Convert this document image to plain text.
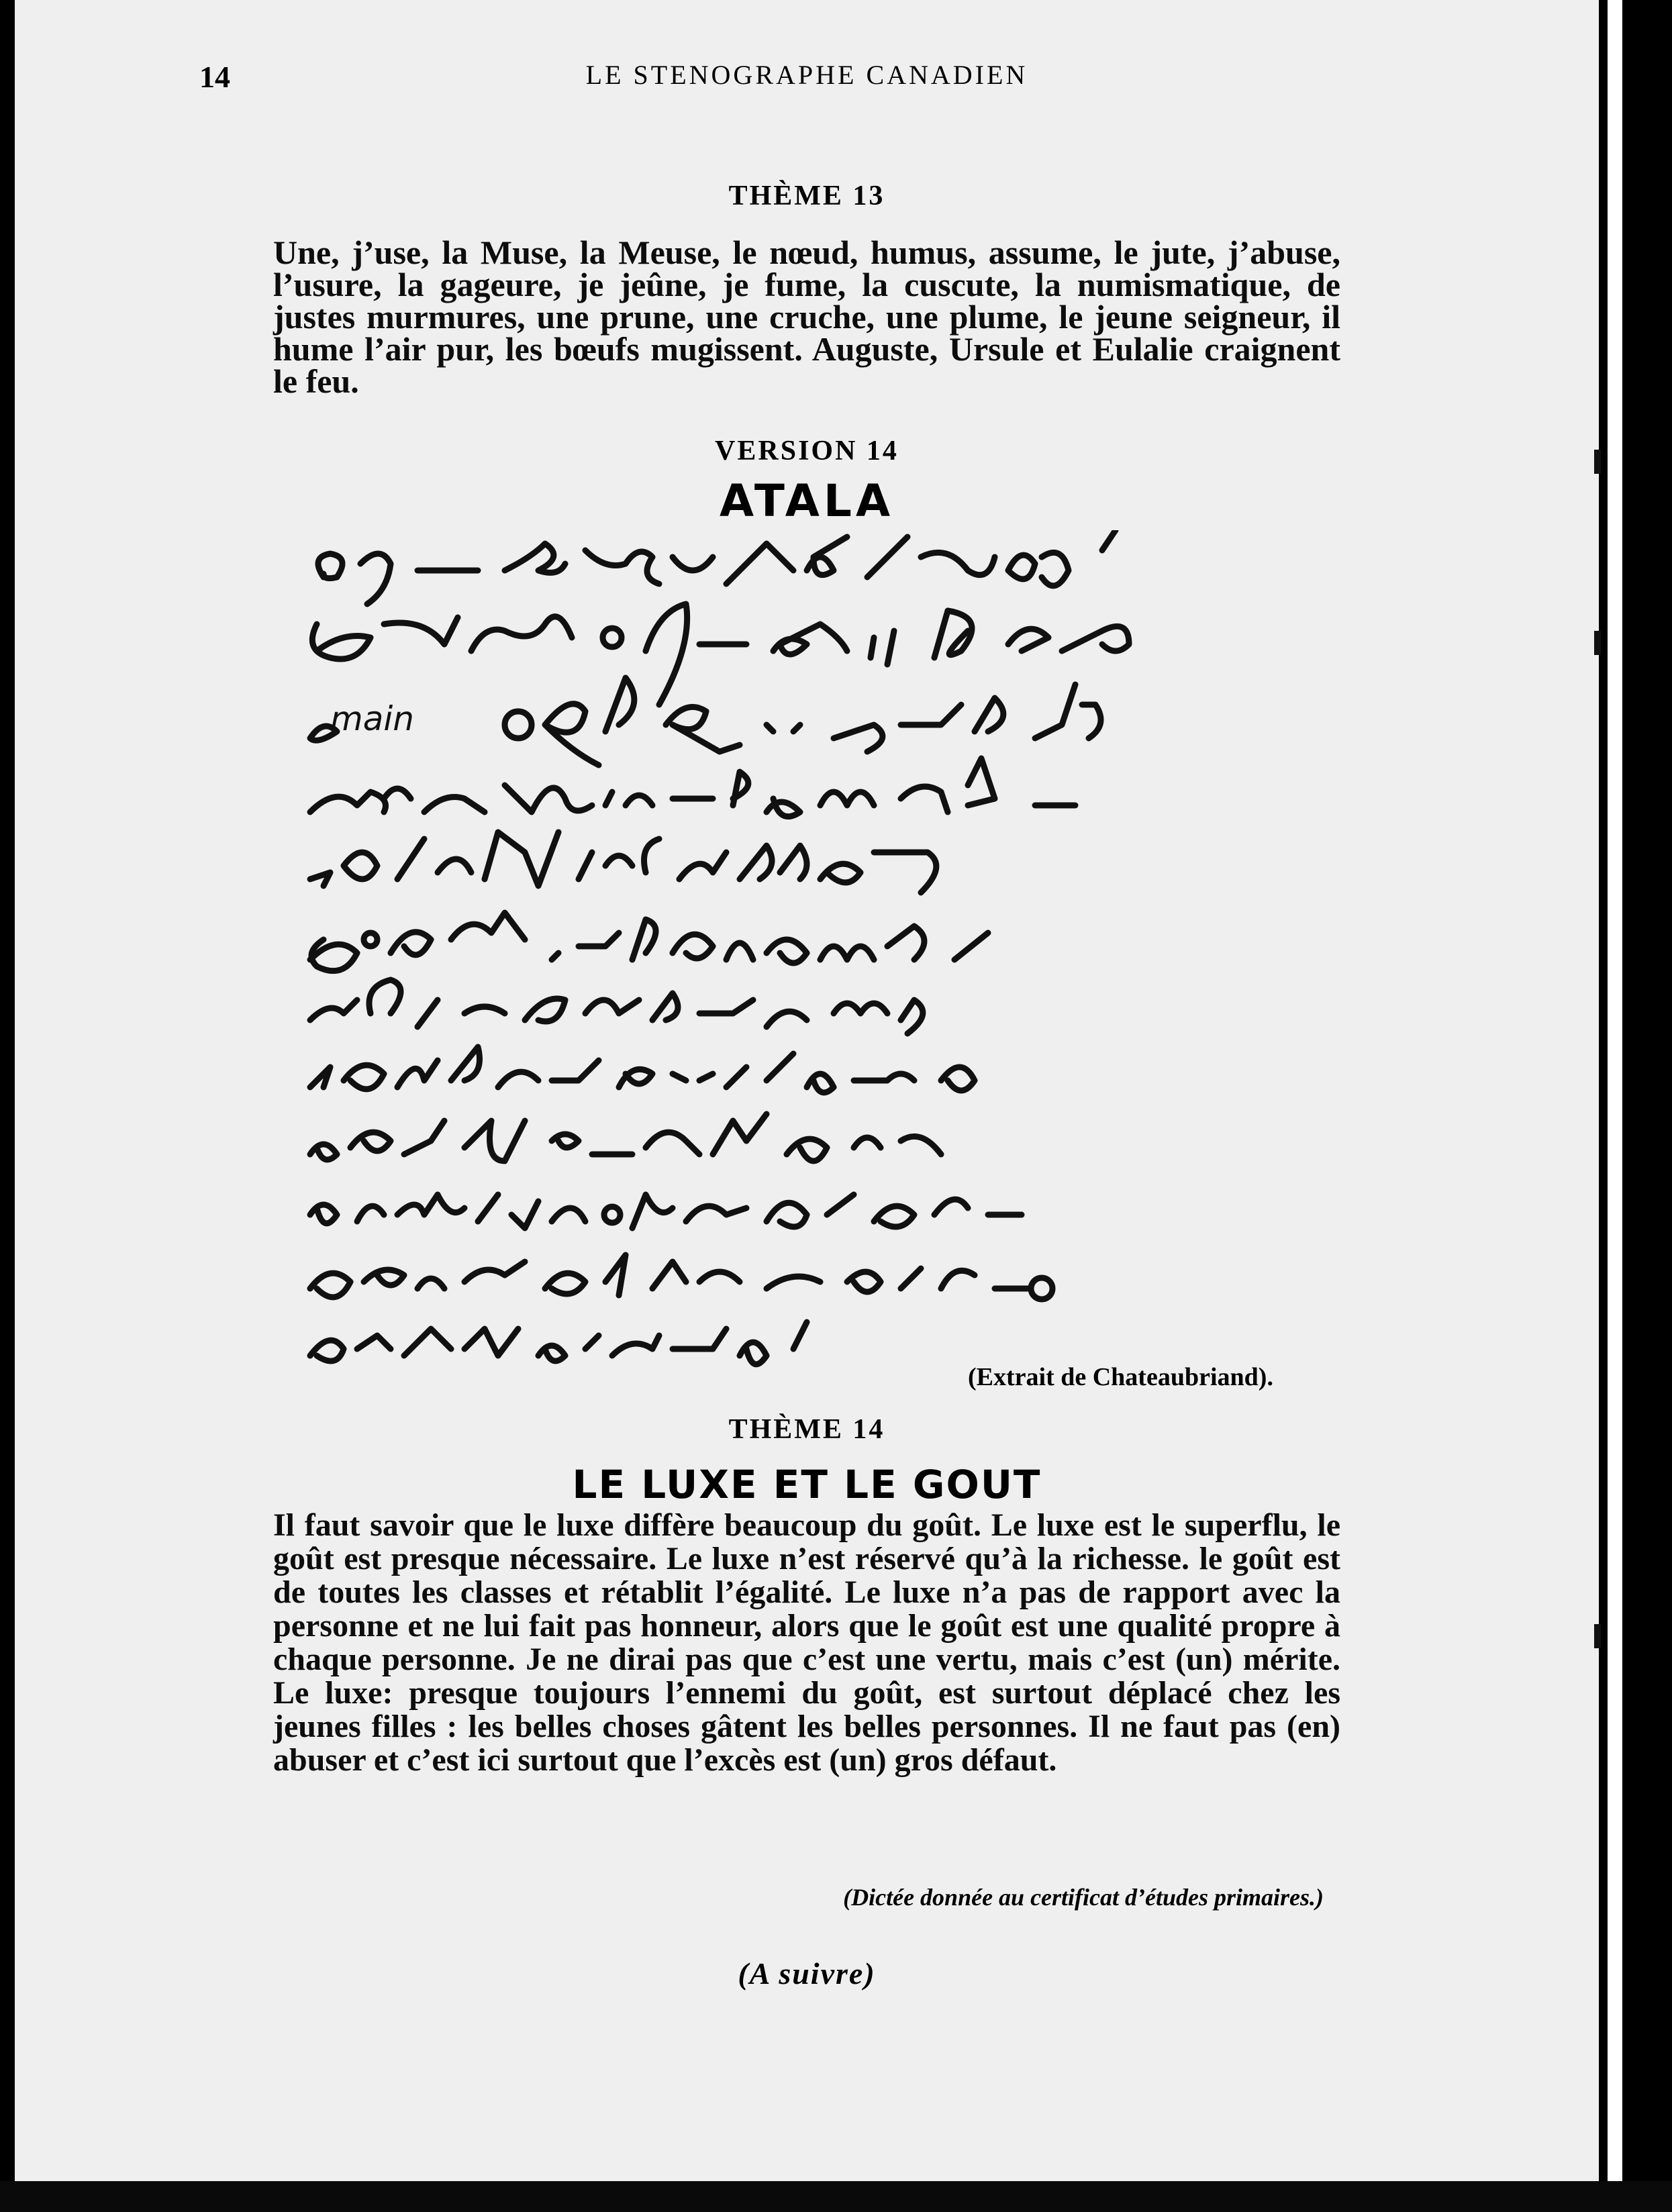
14	LE STENOGRAPHE CANADIEN
THÈME 13
Une, j’use, la Muse, la Meuse, le nœud, humus, assume, le jute, j’abuse, l’usure, la gageure, je jeûne, je fume, la cuscute, la numismatique, de justes murmures, une prune, une cruche, une plume, le jeune seigneur, il hume l’air pur, les bœufs mugissent. Auguste, Ursule et Eulalie craignent le feu.
VERSION 14
ATALA
main
(Extrait de Chateaubriand).
THÈME 14
LE LUXE ET LE GOUT
Il faut savoir que le luxe diffère beaucoup du goût. Le luxe est le superflu, le goût est presque nécessaire. Le luxe n’est réservé qu’à la richesse. le goût est de toutes les classes et rétablit l’égalité. Le luxe n’a pas de rapport avec la personne et ne lui fait pas honneur, alors que le goût est une qualité propre à chaque personne. Je ne dirai pas que c’est une vertu, mais c’est (un) mérite. Le luxe: presque toujours l’ennemi du goût, est surtout déplacé chez les jeunes filles : les belles choses gâtent les belles personnes. Il ne faut pas (en) abuser et c’est ici surtout que l’excès est (un) gros défaut.
(Dictée donnée au certificat d’études primaires.)
(A suivre)
